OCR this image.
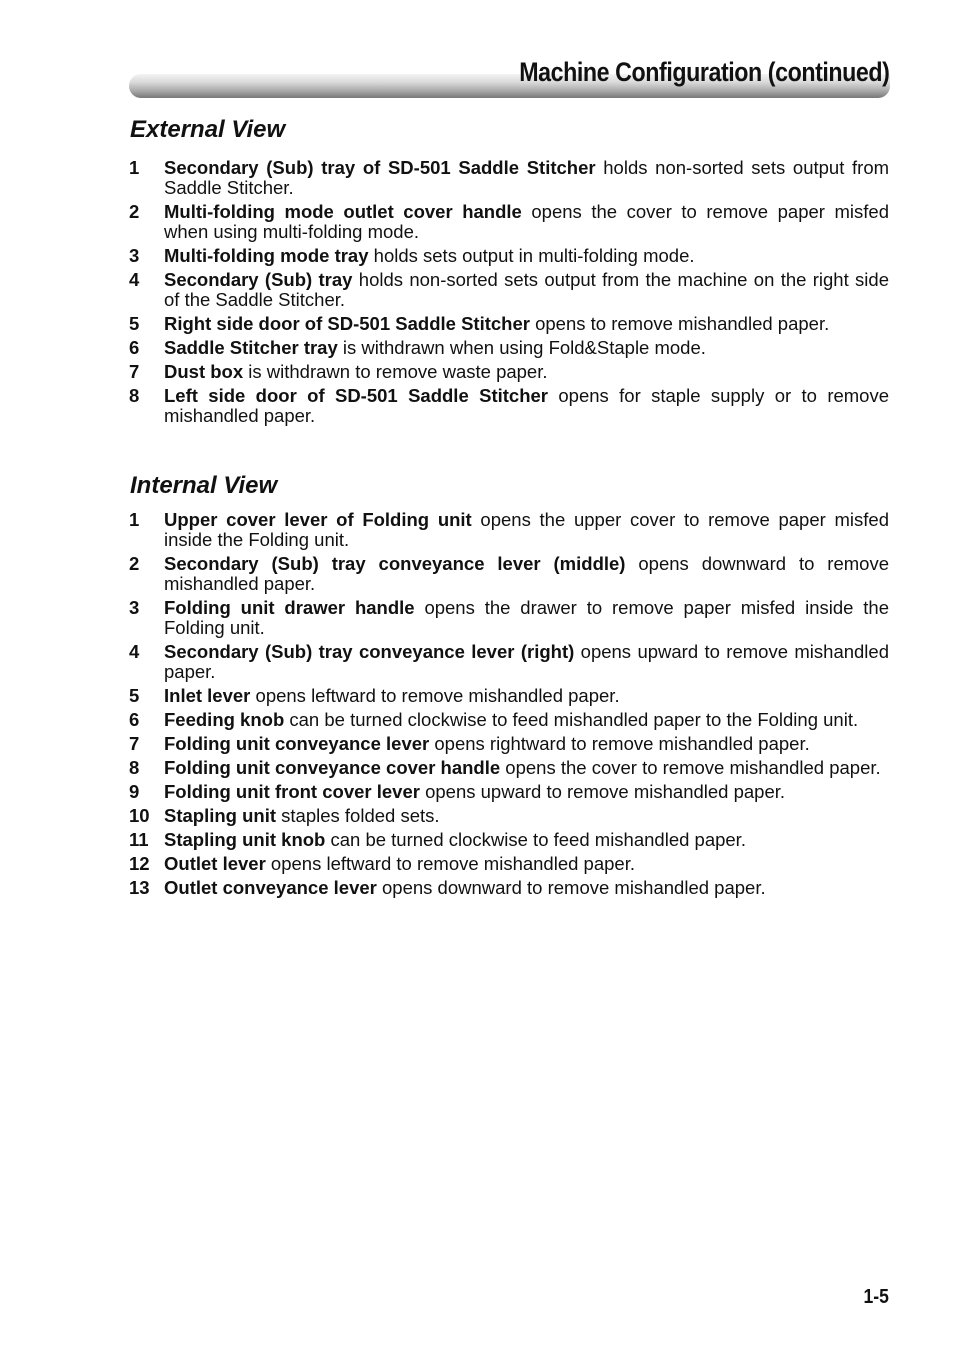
Machine Configuration (continued)
External View
1	Secondary (Sub) tray of SD-501 Saddle Stitcher holds non-sorted sets output from Saddle Stitcher.
2	Multi-folding mode outlet cover handle opens the cover to remove paper misfed when using multi-folding mode.
3	Multi-folding mode tray holds sets output in multi-folding mode.
4	Secondary (Sub) tray holds non-sorted sets output from the machine on the right side of the Saddle Stitcher.
5	Right side door of SD-501 Saddle Stitcher opens to remove mishandled paper.
6	Saddle Stitcher tray is withdrawn when using Fold&Staple mode.
7	Dust box is withdrawn to remove waste paper.
8	Left side door of SD-501 Saddle Stitcher opens for staple supply or to remove mishandled paper.
Internal View
1	Upper cover lever of Folding unit opens the upper cover to remove paper misfed inside the Folding unit.
2	Secondary (Sub) tray conveyance lever (middle) opens downward to remove mishandled paper.
3	Folding unit drawer handle opens the drawer to remove paper misfed inside the Folding unit.
4	Secondary (Sub) tray conveyance lever (right) opens upward to remove mishandled paper.
5	Inlet lever opens leftward to remove mishandled paper.
6	Feeding knob can be turned clockwise to feed mishandled paper to the Folding unit.
7	Folding unit conveyance lever opens rightward to remove mishandled paper.
8	Folding unit conveyance cover handle opens the cover to remove mishandled paper.
9	Folding unit front cover lever opens upward to remove mishandled paper.
10 Stapling unit staples folded sets.
11 Stapling unit knob can be turned clockwise to feed mishandled paper.
12 Outlet lever opens leftward to remove mishandled paper.
13 Outlet conveyance lever opens downward to remove mishandled paper.
1-5
